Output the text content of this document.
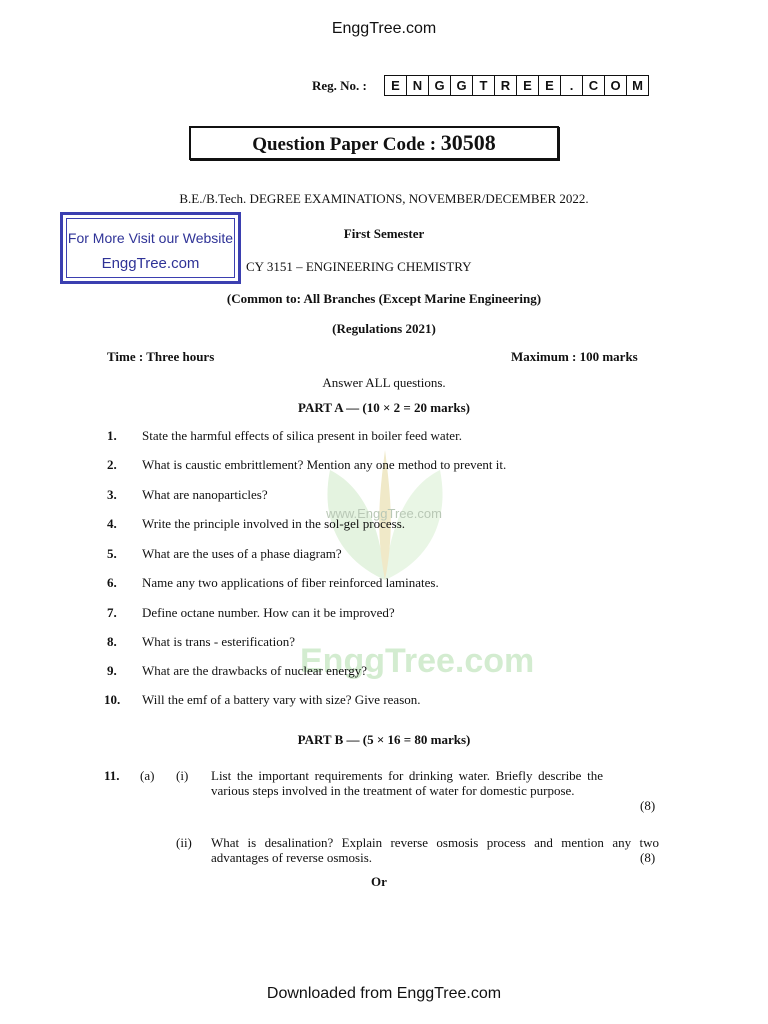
EnggTree.com
Reg. No. :	E N G G T	R E	E	.	C O M
Question Paper Code : 30508
B.E./B.Tech. DEGREE EXAMINATIONS, NOVEMBER/DECEMBER 2022.
For More Visit our Website
EnggTree.com
First Semester
CY 3151 – ENGINEERING CHEMISTRY
(Common to: All Branches (Except Marine Engineering)
(Regulations 2021)
Time : Three hours	Maximum : 100 marks
Answer ALL questions.
PART A — (10 × 2 = 20 marks)
www.EnggTree.com
EnggTree.com
1.	State the harmful effects of silica present in boiler feed water.
2.	What is caustic embrittlement? Mention any one method to prevent it.
3.	What are nanoparticles?
4.	Write the principle involved in the sol-gel process.
5.	What are the uses of a phase diagram?
6.	Name any two applications of fiber reinforced laminates.
7.	Define octane number. How can it be improved?
8.	What is trans - esterification?
9.	What are the drawbacks of nuclear energy?
10.	Will the emf of a battery vary with size? Give reason.
PART B — (5 × 16 = 80 marks)
11. (a) (i) List the important requirements for drinking water. Briefly describe the various steps involved in the treatment of water for domestic purpose.
(8)
(ii) What is desalination? Explain reverse osmosis process and mention any two advantages of reverse osmosis.	(8)
Or
Downloaded from EnggTree.com
